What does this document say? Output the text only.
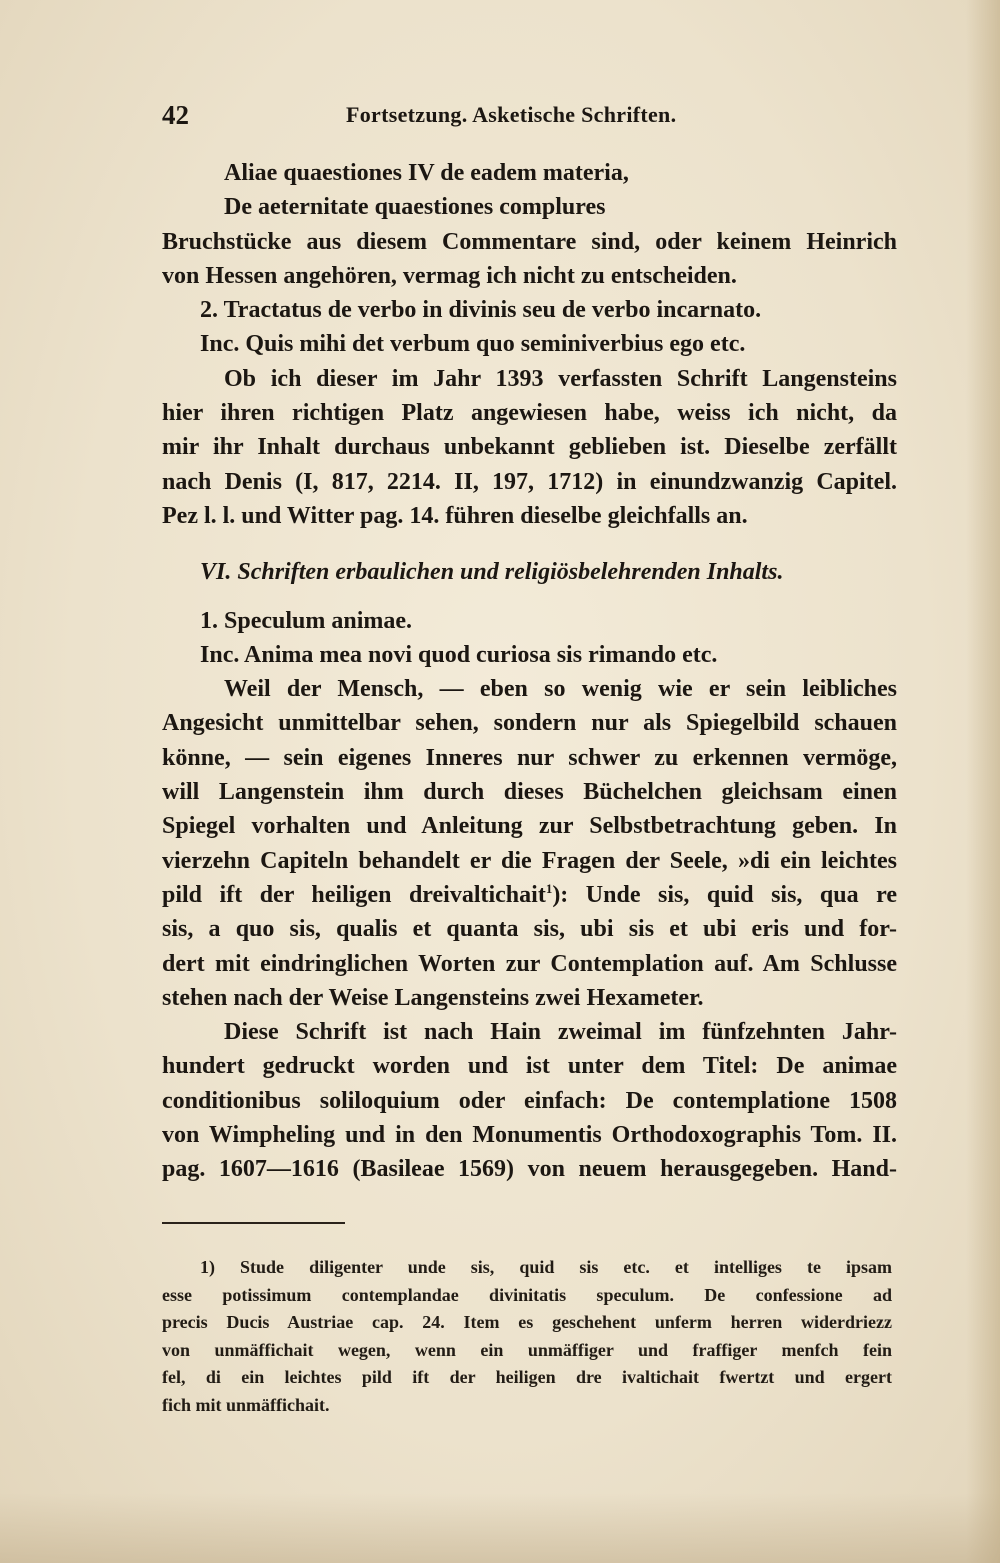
42	Fortsetzung. Asketische Schriften.
Aliae quaestiones IV de eadem materia,
De aeternitate quaestiones complures
Bruchstücke aus diesem Commentare sind, oder keinem Heinrich
von Hessen angehören, vermag ich nicht zu entscheiden.
2. Tractatus de verbo in divinis seu de verbo incarnato.
Inc. Quis mihi det verbum quo seminiverbius ego etc.
Ob ich dieser im Jahr 1393 verfassten Schrift Langensteins
hier ihren richtigen Platz angewiesen habe, weiss ich nicht, da
mir ihr Inhalt durchaus unbekannt geblieben ist. Dieselbe zerfällt
nach Denis (I, 817, 2214. II, 197, 1712) in einundzwanzig Capitel.
Pez l. l. und Witter pag. 14. führen dieselbe gleichfalls an.
VI. Schriften erbaulichen und religiösbelehrenden Inhalts.
1. Speculum animae.
Inc. Anima mea novi quod curiosa sis rimando etc.
Weil der Mensch, — eben so wenig wie er sein leibliches
Angesicht unmittelbar sehen, sondern nur als Spiegelbild schauen
könne, — sein eigenes Inneres nur schwer zu erkennen vermöge,
will Langenstein ihm durch dieses Büchelchen gleichsam einen
Spiegel vorhalten und Anleitung zur Selbstbetrachtung geben. In
vierzehn Capiteln behandelt er die Fragen der Seele, »di ein leichtes
pild ift der heiligen dreivaltichait$^1$): Unde sis, quid sis, qua re
sis, a quo sis, qualis et quanta sis, ubi sis et ubi eris und for-
dert mit eindringlichen Worten zur Contemplation auf. Am Schlusse
stehen nach der Weise Langensteins zwei Hexameter.
Diese Schrift ist nach Hain zweimal im fünfzehnten Jahr-
hundert gedruckt worden und ist unter dem Titel: De animae
conditionibus soliloquium oder einfach: De contemplatione 1508
von Wimpheling und in den Monumentis Orthodoxographis Tom. II.
pag. 1607—1616 (Basileae 1569) von neuem herausgegeben. Hand-
1) Stude diligenter unde sis, quid sis etc. et intelliges te ipsam
esse potissimum contemplandae divinitatis speculum. De confessione ad
precis Ducis Austriae cap. 24. Item es geschehent unferm herren widerdriezz
von unmäffichait wegen, wenn ein unmäffiger und fraffiger menfch fein
fel, di ein leichtes pild ift der heiligen dre ivaltichait fwertzt und ergert
fich mit unmäffichait.
